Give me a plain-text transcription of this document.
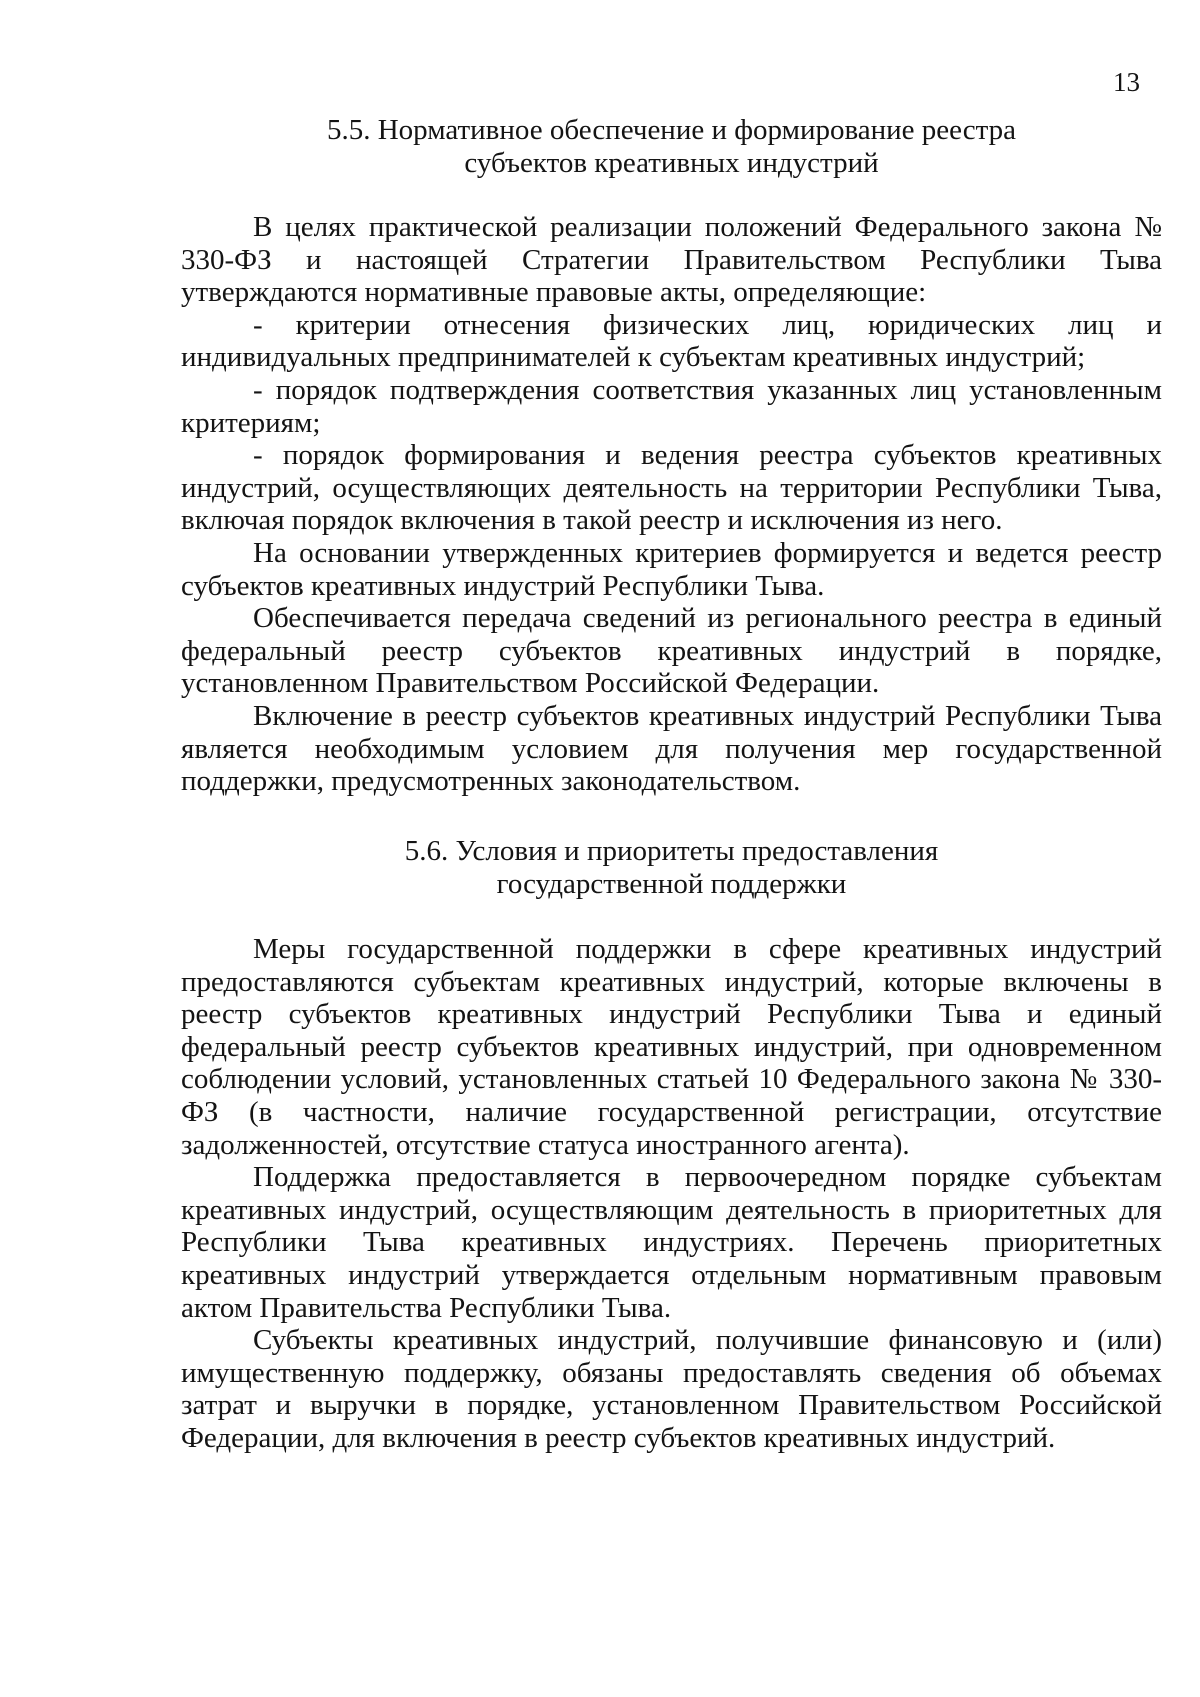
13
5.5. Нормативное обеспечение и формирование реестра
субъектов креативных индустрий

В целях практической реализации положений Федерального закона № 330-ФЗ и настоящей Стратегии Правительством Республики Тыва утверждаются нормативные правовые акты, определяющие:

- критерии отнесения физических лиц, юридических лиц и индивидуальных предпринимателей к субъектам креативных индустрий;

- порядок подтверждения соответствия указанных лиц установленным критериям;

- порядок формирования и ведения реестра субъектов креативных индустрий, осуществляющих деятельность на территории Республики Тыва, включая порядок включения в такой реестр и исключения из него.

На основании утвержденных критериев формируется и ведется реестр субъектов креативных индустрий Республики Тыва.

Обеспечивается передача сведений из регионального реестра в единый федеральный реестр субъектов креативных индустрий в порядке, установленном Правительством Российской Федерации.

Включение в реестр субъектов креативных индустрий Республики Тыва является необходимым условием для получения мер государственной поддержки, предусмотренных законодательством.

5.6. Условия и приоритеты предоставления
государственной поддержки

Меры государственной поддержки в сфере креативных индустрий предоставляются субъектам креативных индустрий, которые включены в реестр субъектов креативных индустрий Республики Тыва и единый федеральный реестр субъектов креативных индустрий, при одновременном соблюдении условий, установленных статьей 10 Федерального закона № 330-ФЗ (в частности, наличие государственной регистрации, отсутствие задолженностей, отсутствие статуса иностранного агента).

Поддержка предоставляется в первоочередном порядке субъектам креативных индустрий, осуществляющим деятельность в приоритетных для Республики Тыва креативных индустриях. Перечень приоритетных креативных индустрий утверждается отдельным нормативным правовым актом Правительства Республики Тыва.

Субъекты креативных индустрий, получившие финансовую и (или) имущественную поддержку, обязаны предоставлять сведения об объемах затрат и выручки в порядке, установленном Правительством Российской Федерации, для включения в реестр субъектов креативных индустрий.
